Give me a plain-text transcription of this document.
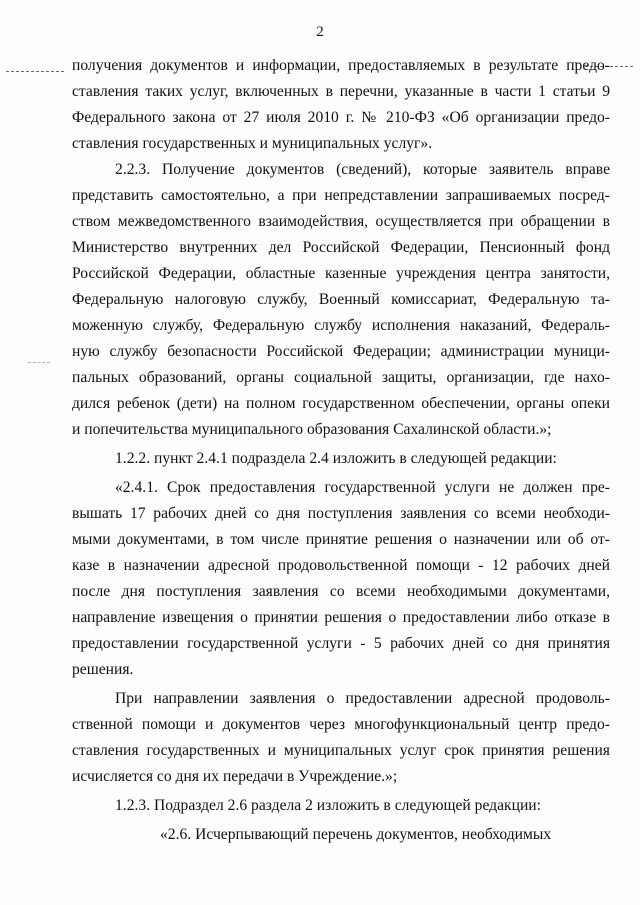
2
получения документов и информации, предоставляемых в результате предо-
ставления таких услуг, включенных в перечни, указанные в части 1 статьи 9
Федерального закона от 27 июля 2010 г. № 210-ФЗ «Об организации предо-
ставления государственных и муниципальных услуг».
2.2.3. Получение документов (сведений), которые заявитель вправе
представить самостоятельно, а при непредставлении запрашиваемых посред-
ством межведомственного взаимодействия, осуществляется при обращении в
Министерство внутренних дел Российской Федерации, Пенсионный фонд
Российской Федерации, областные казенные учреждения центра занятости,
Федеральную налоговую службу, Военный комиссариат, Федеральную та-
моженную службу, Федеральную службу исполнения наказаний, Федераль-
ную службу безопасности Российской Федерации; администрации муници-
пальных образований, органы социальной защиты, организации, где нахо-
дился ребенок (дети) на полном государственном обеспечении, органы опеки
и попечительства муниципального образования Сахалинской области.»;
1.2.2. пункт 2.4.1 подраздела 2.4 изложить в следующей редакции:
«2.4.1. Срок предоставления государственной услуги не должен пре-
вышать 17 рабочих дней со дня поступления заявления со всеми необходи-
мыми документами, в том числе принятие решения о назначении или об от-
казе в назначении адресной продовольственной помощи - 12 рабочих дней
после дня поступления заявления со всеми необходимыми документами,
направление извещения о принятии решения о предоставлении либо отказе в
предоставлении государственной услуги - 5 рабочих дней со дня принятия
решения.
При направлении заявления о предоставлении адресной продоволь-
ственной помощи и документов через многофункциональный центр предо-
ставления государственных и муниципальных услуг срок принятия решения
исчисляется со дня их передачи в Учреждение.»;
1.2.3. Подраздел 2.6 раздела 2 изложить в следующей редакции:
«2.6. Исчерпывающий перечень документов, необходимых
